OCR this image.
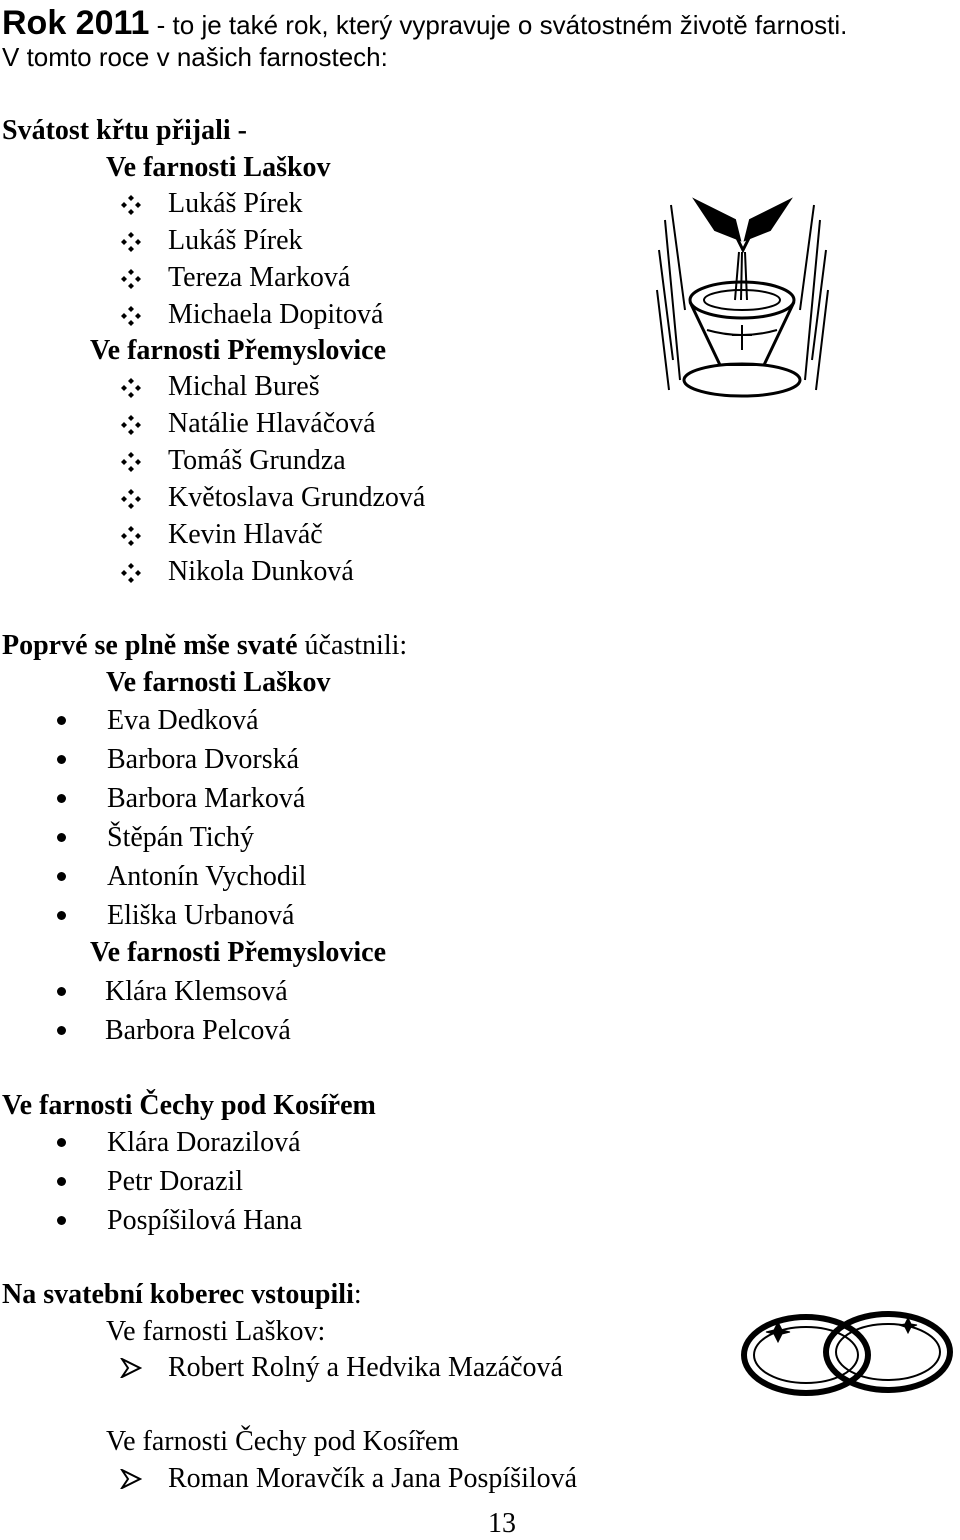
Rok 2011 - to je také rok, který vypravuje o svátostném životě farnosti.
V tomto roce v našich farnostech:
Svátost křtu přijali -
Ve farnosti Laškov
Lukáš Pírek
Lukáš Pírek
Tereza Marková
Michaela Dopitová
Ve farnosti Přemyslovice
Michal Bureš
Natálie Hlaváčová
Tomáš Grundza
Květoslava Grundzová
Kevin Hlaváč
Nikola Dunková
Poprvé se plně mše svaté účastnili:
Ve farnosti Laškov
Eva Dedková
Barbora Dvorská
Barbora Marková
Štěpán Tichý
Antonín Vychodil
Eliška Urbanová
Ve farnosti Přemyslovice
Klára Klemsová
Barbora Pelcová
Ve farnosti Čechy pod Kosířem
Klára Dorazilová
Petr Dorazil
Pospíšilová Hana
Na svatební koberec vstoupili:
Ve farnosti Laškov:
Robert Rolný a Hedvika Mazáčová
Ve farnosti Čechy pod Kosířem
Roman Moravčík a Jana Pospíšilová
13
